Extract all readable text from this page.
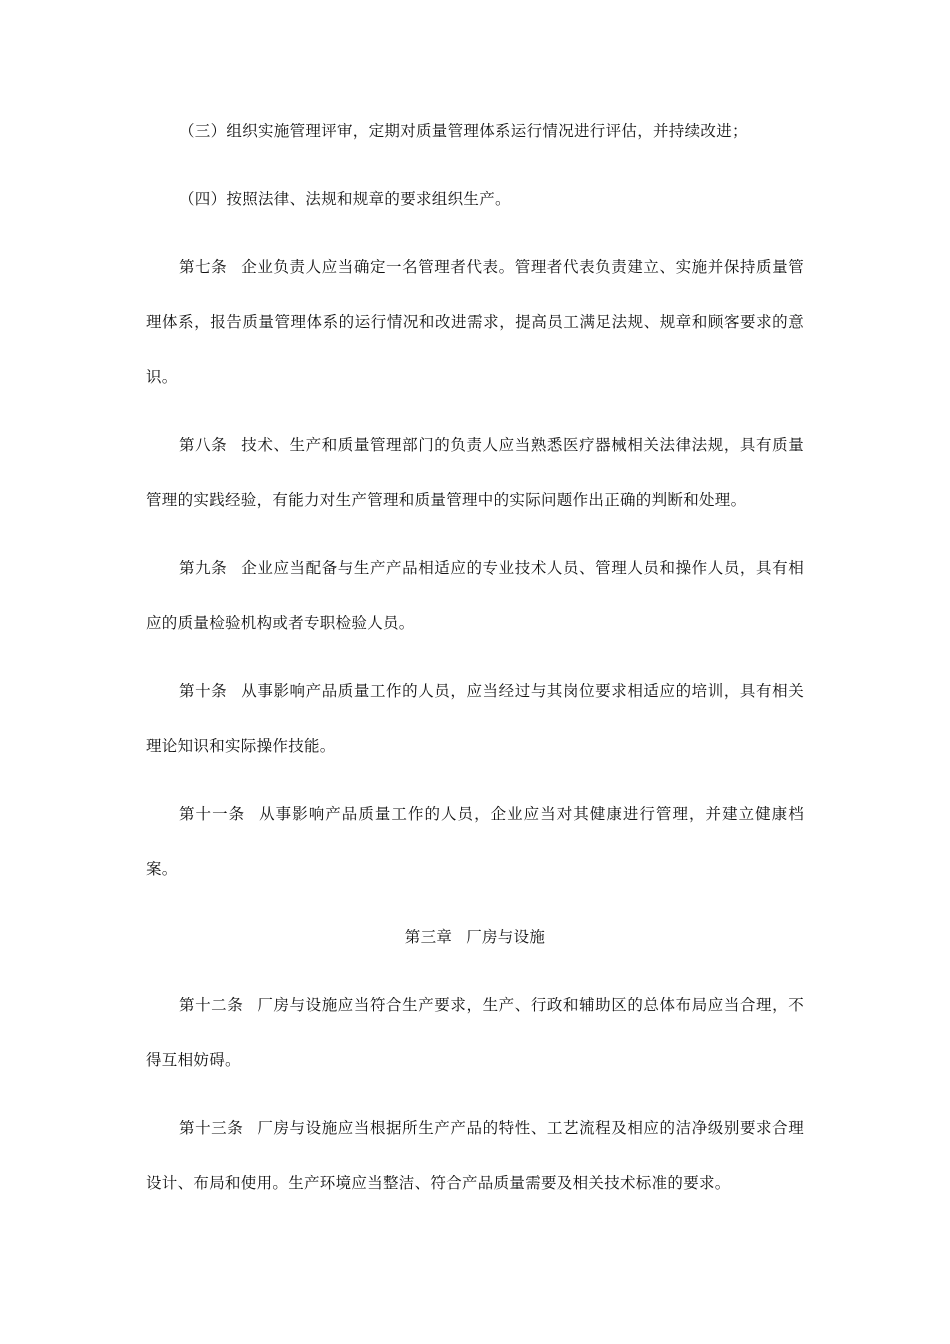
（三）组织实施管理评审，定期对质量管理体系运行情况进行评估，并持续改进；

（四）按照法律、法规和规章的要求组织生产。

第七条 企业负责人应当确定一名管理者代表。管理者代表负责建立、实施并保持质量管理体系，报告质量管理体系的运行情况和改进需求，提高员工满足法规、规章和顾客要求的意识。

第八条 技术、生产和质量管理部门的负责人应当熟悉医疗器械相关法律法规，具有质量管理的实践经验，有能力对生产管理和质量管理中的实际问题作出正确的判断和处理。

第九条 企业应当配备与生产产品相适应的专业技术人员、管理人员和操作人员，具有相应的质量检验机构或者专职检验人员。

第十条 从事影响产品质量工作的人员，应当经过与其岗位要求相适应的培训，具有相关理论知识和实际操作技能。

第十一条 从事影响产品质量工作的人员，企业应当对其健康进行管理，并建立健康档案。

第三章 厂房与设施

第十二条 厂房与设施应当符合生产要求，生产、行政和辅助区的总体布局应当合理，不得互相妨碍。

第十三条 厂房与设施应当根据所生产产品的特性、工艺流程及相应的洁净级别要求合理设计、布局和使用。生产环境应当整洁、符合产品质量需要及相关技术标准的要求。
